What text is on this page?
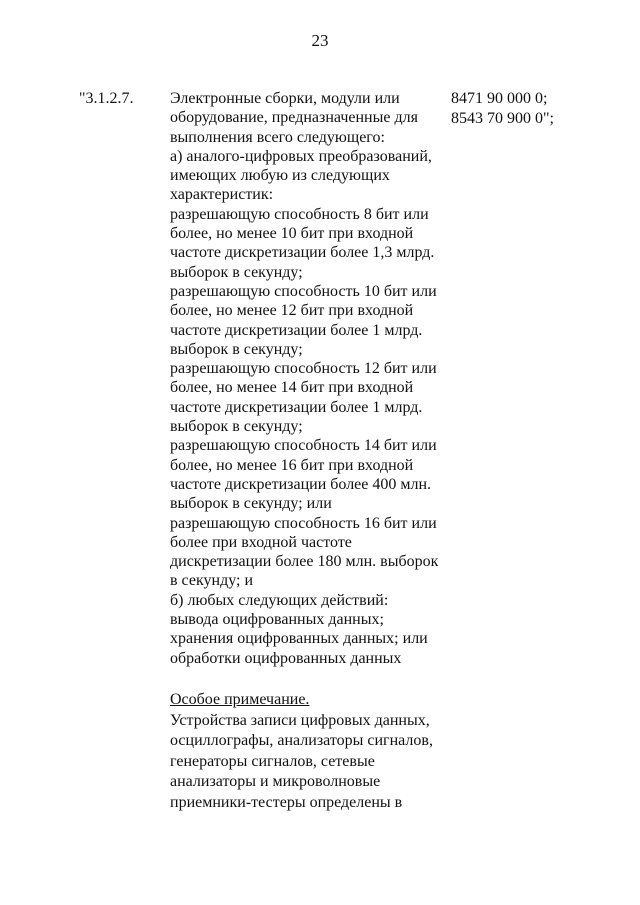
23
"3.1.2.7. Электронные сборки, модули или
оборудование, предназначенные для
выполнения всего следующего:
а) аналого-цифровых преобразований,
имеющих любую из следующих
характеристик:
разрешающую способность 8 бит или
более, но менее 10 бит при входной
частоте дискретизации более 1,3 млрд.
выборок в секунду;
разрешающую способность 10 бит или
более, но менее 12 бит при входной
частоте дискретизации более 1 млрд.
выборок в секунду;
разрешающую способность 12 бит или
более, но менее 14 бит при входной
частоте дискретизации более 1 млрд.
выборок в секунду;
разрешающую способность 14 бит или
более, но менее 16 бит при входной
частоте дискретизации более 400 млн.
выборок в секунду; или
разрешающую способность 16 бит или
более при входной частоте
дискретизации более 180 млн. выборок
в секунду; и
б) любых следующих действий:
вывода оцифрованных данных;
хранения оцифрованных данных; или
обработки оцифрованных данных
8471 90 000 0;
8543 70 900 0";
Особое примечание.
Устройства записи цифровых данных,
осциллографы, анализаторы сигналов,
генераторы сигналов, сетевые
анализаторы и микроволновые
приемники-тестеры определены в
